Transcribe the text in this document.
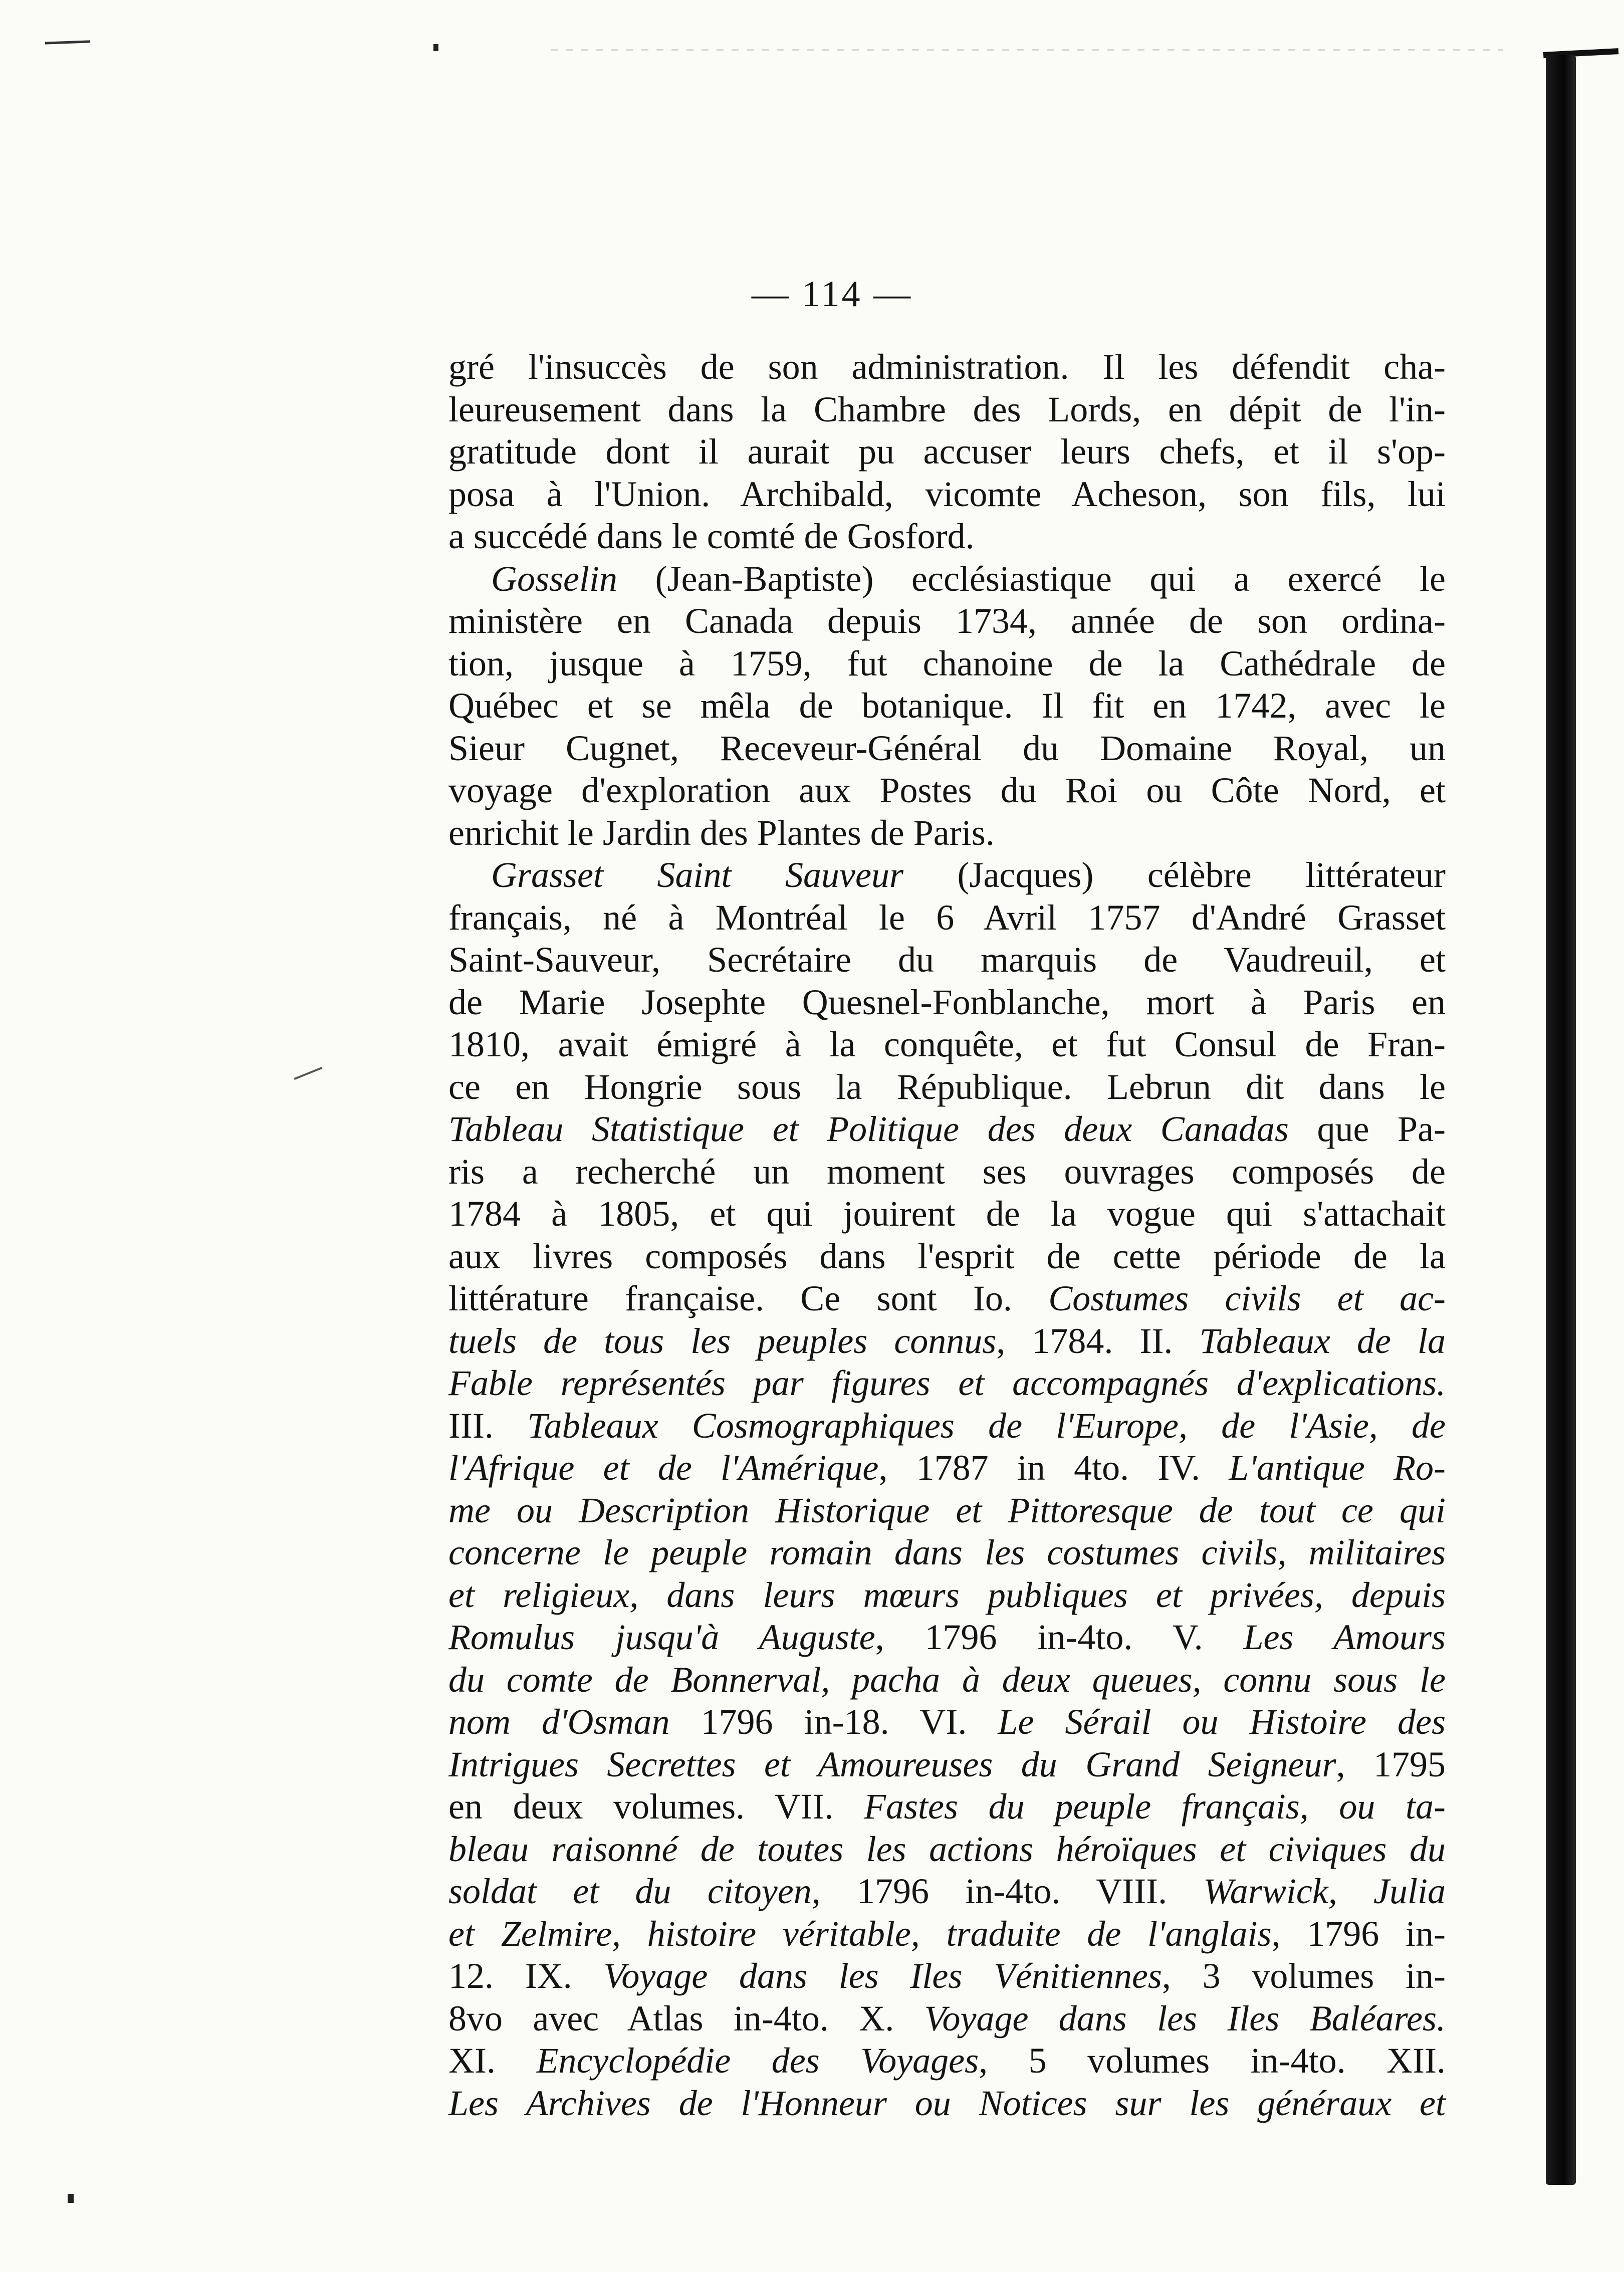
— 114 —
gré l'insuccès de son administration. Il les défendit cha-
leureusement dans la Chambre des Lords, en dépit de l'in-
gratitude dont il aurait pu accuser leurs chefs, et il s'op-
posa à l'Union. Archibald, vicomte Acheson, son fils, lui
a succédé dans le comté de Gosford.
Gosselin (Jean-Baptiste) ecclésiastique qui a exercé le
ministère en Canada depuis 1734, année de son ordina-
tion, jusque à 1759, fut chanoine de la Cathédrale de
Québec et se mêla de botanique. Il fit en 1742, avec le
Sieur Cugnet, Receveur-Général du Domaine Royal, un
voyage d'exploration aux Postes du Roi ou Côte Nord, et
enrichit le Jardin des Plantes de Paris.
Grasset Saint Sauveur (Jacques) célèbre littérateur
français, né à Montréal le 6 Avril 1757 d'André Grasset
Saint-Sauveur, Secrétaire du marquis de Vaudreuil, et
de Marie Josephte Quesnel-Fonblanche, mort à Paris en
1810, avait émigré à la conquête, et fut Consul de Fran-
ce en Hongrie sous la République. Lebrun dit dans le
Tableau Statistique et Politique des deux Canadas que Pa-
ris a recherché un moment ses ouvrages composés de
1784 à 1805, et qui jouirent de la vogue qui s'attachait
aux livres composés dans l'esprit de cette période de la
littérature française. Ce sont Io. Costumes civils et ac-
tuels de tous les peuples connus, 1784. II. Tableaux de la
Fable représentés par figures et accompagnés d'explications.
III. Tableaux Cosmographiques de l'Europe, de l'Asie, de
l'Afrique et de l'Amérique, 1787 in 4to. IV. L'antique Ro-
me ou Description Historique et Pittoresque de tout ce qui
concerne le peuple romain dans les costumes civils, militaires
et religieux, dans leurs mœurs publiques et privées, depuis
Romulus jusqu'à Auguste, 1796 in-4to. V. Les Amours
du comte de Bonnerval, pacha à deux queues, connu sous le
nom d'Osman 1796 in-18. VI. Le Sérail ou Histoire des
Intrigues Secrettes et Amoureuses du Grand Seigneur, 1795
en deux volumes. VII. Fastes du peuple français, ou ta-
bleau raisonné de toutes les actions héroïques et civiques du
soldat et du citoyen, 1796 in-4to. VIII. Warwick, Julia
et Zelmire, histoire véritable, traduite de l'anglais, 1796 in-
12. IX. Voyage dans les Iles Vénitiennes, 3 volumes in-
8vo avec Atlas in-4to. X. Voyage dans les Iles Baléares.
XI. Encyclopédie des Voyages, 5 volumes in-4to. XII.
Les Archives de l'Honneur ou Notices sur les généraux et
